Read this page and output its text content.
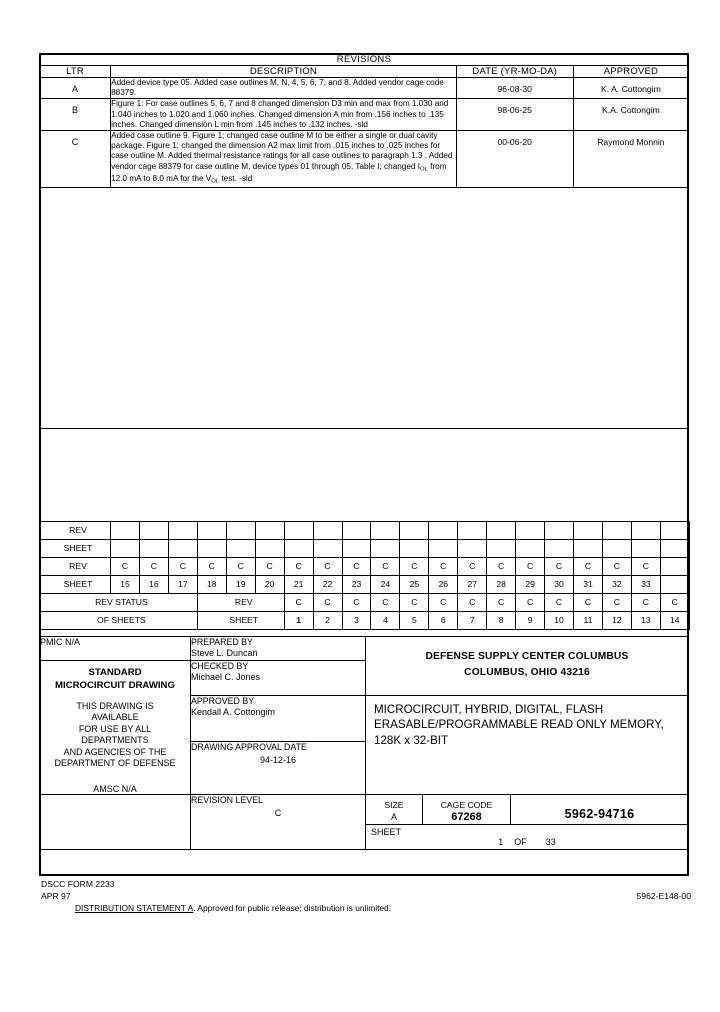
REVISIONS			
LTR	DESCRIPTION	DATE (YR-MO-DA)	APPROVED
A	Added device type 05. Added case outlines M, N, 4, 5, 6, 7, and 8. Added vendor cage code 88379.	96-08-30	K. A. Cottongim
B	Figure 1: For case outlines 5, 6, 7 and 8 changed dimension D3 min and max from 1.030 and 1.040 inches to 1.020 and 1.060 inches. Changed dimension A min from .156 inches to .135 inches. Changed dimension L min from .145 inches to .132 inches. -sld	98-06-25	K.A. Cottongim
C	Added case outline 9. Figure 1; changed case outline M to be either a single or dual cavity package. Figure 1; changed the dimension A2 max limit from .015 inches to .025 inches for case outline M. Added thermal resistance ratings for all case outlines to paragraph 1.3 . Added vendor cage 88379 for case outline M, device types 01 through 05. Table I; changed $I_{OL}$ from 12.0 mA to 8.0 mA for the $V_{OL}$ test. -sld	00-06-20	Raymond Monnin

REV																				
SHEET																				
REV	C	C	C	C	C	C	C	C	C	C	C	C	C	C	C	C	C	C	C	
SHEET	15	16	17	18	19	20	21	22	23	24	25	26	27	28	29	30	31	32	33	
REV STATUS				REV			C	C	C	C	C	C	C	C	C	C	C	C	C	C
OF SHEETS				SHEET			1	2	3	4	5	6	7	8	9	10	11	12	13	14
PMIC N/A	PREPARED BY
Steve L. Duncan	DEFENSE SUPPLY CENTER COLUMBUS
COLUMBUS, OHIO 43216

STANDARD
MICROCIRCUIT DRAWING
THIS DRAWING IS
AVAILABLE
FOR USE BY ALL
DEPARTMENTS
AND AGENCIES OF THE
DEPARTMENT OF DEFENSE
AMSC N/A

CHECKED BY
Michael C. Jones

	APPROVED BY
Kendall A. Cottongim	MICROCIRCUIT, HYBRID, DIGITAL, FLASH ERASABLE/PROGRAMMABLE READ ONLY MEMORY, 128K x 32-BIT		

	DRAWING APPROVAL DATE
94-12-16			

REVISION LEVEL
C

SIZE
A

CAGE CODE
67268	5962-94716

		SHEET
1 OF 33		
DSCC FORM 2233
APR 97	5962-E148-00
DISTRIBUTION STATEMENT A. Approved for public release; distribution is unlimited.
